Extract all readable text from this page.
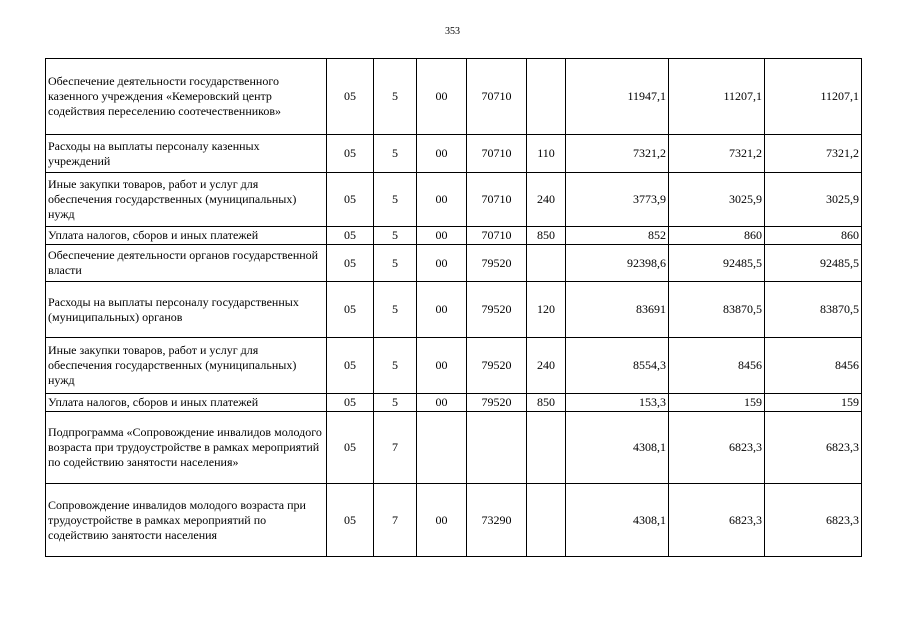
353
Обеспечение деятельности государственного казенного учреждения «Кемеровский центр содействия переселению соотечественников»	05	5	00	70710		11947,1	11207,1	11207,1
Расходы на выплаты персоналу казенных учреждений	05	5	00	70710	110	7321,2	7321,2	7321,2
Иные закупки товаров, работ и услуг для обеспечения государственных (муниципальных) нужд	05	5	00	70710	240	3773,9	3025,9	3025,9
Уплата налогов, сборов и иных платежей	05	5	00	70710	850	852	860	860
Обеспечение деятельности органов государственной власти	05	5	00	79520		92398,6	92485,5	92485,5
Расходы на выплаты персоналу государственных (муниципальных) органов	05	5	00	79520	120	83691	83870,5	83870,5
Иные закупки товаров, работ и услуг для обеспечения государственных (муниципальных) нужд	05	5	00	79520	240	8554,3	8456	8456
Уплата налогов, сборов и иных платежей	05	5	00	79520	850	153,3	159	159
Подпрограмма «Сопровождение инвалидов молодого возраста при трудоустройстве в рамках мероприятий по содействию занятости населения»	05	7				4308,1	6823,3	6823,3
Сопровождение инвалидов молодого возраста при трудоустройстве в рамках мероприятий по содействию занятости населения	05	7	00	73290		4308,1	6823,3	6823,3
